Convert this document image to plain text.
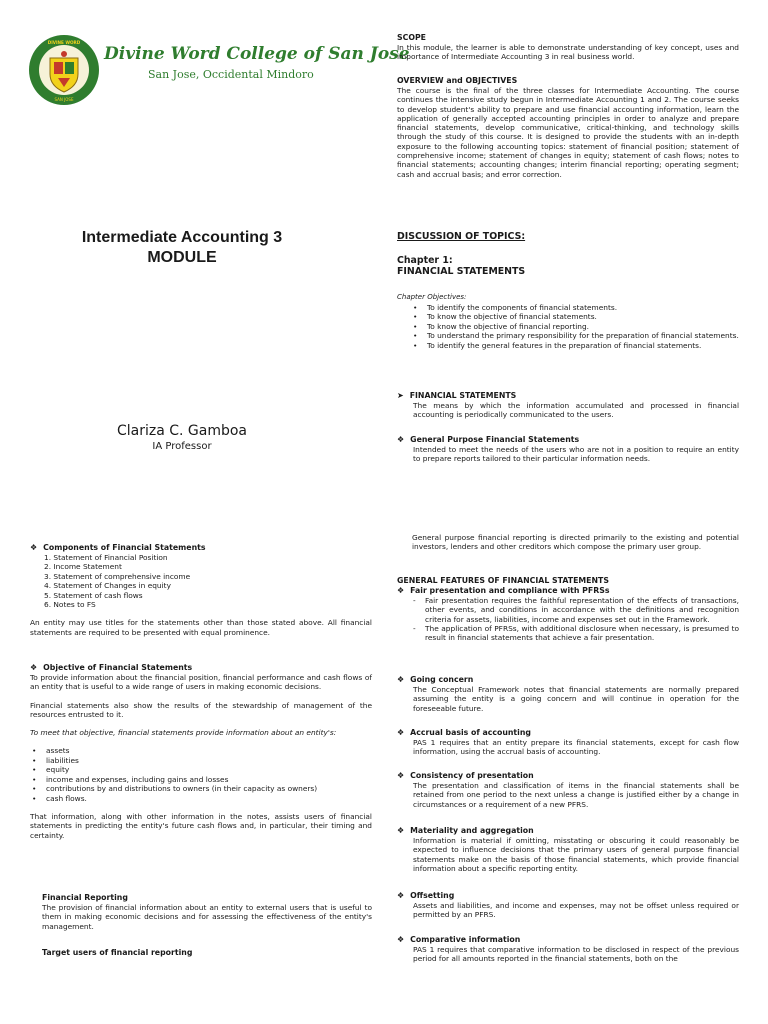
DIVINE WORD
SAN JOSE
Divine Word College of San Jose
San Jose, Occidental Mindoro
Intermediate Accounting 3
MODULE
Clariza C. Gamboa
IA Professor
SCOPE

In this module, the learner is able to demonstrate understanding of key concept, uses and importance of Intermediate Accounting 3 in real business world.

OVERVIEW and OBJECTIVES

The course is the final of the three classes for Intermediate Accounting. The course continues the intensive study begun in Intermediate Accounting 1 and 2. The course seeks to develop student's ability to prepare and use financial accounting information, learn the application of generally accepted accounting principles in order to analyze and prepare financial statements, develop communicative, critical-thinking, and technology skills through the study of this course. It is designed to provide the students with an in-depth exposure to the following accounting topics: statement of financial position; statement of comprehensive income; statement of changes in equity; statement of cash flows; notes to financial statements; accounting changes; interim financial reporting; operating segment; cash and accrual basis; and error correction.

DISCUSSION OF TOPICS:
Chapter 1:
FINANCIAL STATEMENTS
Chapter Objectives:
• To identify the components of financial statements.
• To know the objective of financial statements.
• To know the objective of financial reporting.
• To understand the primary responsibility for the preparation of financial statements.
• To identify the general features in the preparation of financial statements.
➤ FINANCIAL STATEMENTS

The means by which the information accumulated and processed in financial accounting is periodically communicated to the users.

❖ General Purpose Financial Statements

Intended to meet the needs of the users who are not in a position to require an entity to prepare reports tailored to their particular information needs.

❖ Components of Financial Statements
1. Statement of Financial Position
2. Income Statement
3. Statement of comprehensive income
4. Statement of Changes in equity
5. Statement of cash flows
6. Notes to FS

An entity may use titles for the statements other than those stated above. All financial statements are required to be presented with equal prominence.

❖ Objective of Financial Statements

To provide information about the financial position, financial performance and cash flows of an entity that is useful to a wide range of users in making economic decisions.

Financial statements also show the results of the stewardship of management of the resources entrusted to it.

To meet that objective, financial statements provide information about an entity's:

• assets
• liabilities
• equity
• income and expenses, including gains and losses
• contributions by and distributions to owners (in their capacity as owners)
• cash flows.

That information, along with other information in the notes, assists users of financial statements in predicting the entity's future cash flows and, in particular, their timing and certainty.

Financial Reporting

The provision of financial information about an entity to external users that is useful to them in making economic decisions and for assessing the effectiveness of the entity's management.

Target users of financial reporting

General purpose financial reporting is directed primarily to the existing and potential investors, lenders and other creditors which compose the primary user group.

GENERAL FEATURES OF FINANCIAL STATEMENTS
❖ Fair presentation and compliance with PFRSs
- Fair presentation requires the faithful representation of the effects of transactions, other events, and conditions in accordance with the definitions and recognition criteria for assets, liabilities, income and expenses set out in the Framework.
- The application of PFRSs, with additional disclosure when necessary, is presumed to result in financial statements that achieve a fair presentation.
❖ Going concern

The Conceptual Framework notes that financial statements are normally prepared assuming the entity is a going concern and will continue in operation for the foreseeable future.

❖ Accrual basis of accounting

PAS 1 requires that an entity prepare its financial statements, except for cash flow information, using the accrual basis of accounting.

❖ Consistency of presentation

The presentation and classification of items in the financial statements shall be retained from one period to the next unless a change is justified either by a change in circumstances or a requirement of a new PFRS.

❖ Materiality and aggregation

Information is material if omitting, misstating or obscuring it could reasonably be expected to influence decisions that the primary users of general purpose financial statements make on the basis of those financial statements, which provide financial information about a specific reporting entity.

❖ Offsetting

Assets and liabilities, and income and expenses, may not be offset unless required or permitted by an PFRS.

❖ Comparative information

PAS 1 requires that comparative information to be disclosed in respect of the previous period for all amounts reported in the financial statements, both on the
